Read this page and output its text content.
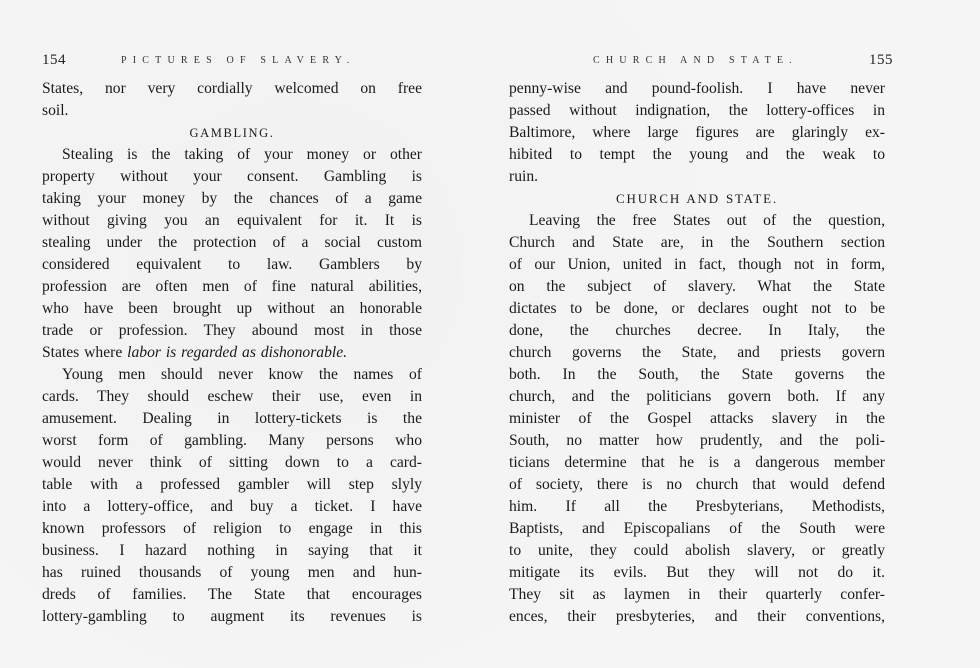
154	PICTURES OF SLAVERY.
States, nor very cordially welcomed on free
soil.
GAMBLING.
Stealing is the taking of your money or other
property without your consent. Gambling is
taking your money by the chances of a game
without giving you an equivalent for it. It is
stealing under the protection of a social custom
considered equivalent to law. Gamblers by
profession are often men of fine natural abilities,
who have been brought up without an honorable
trade or profession. They abound most in those
States where labor is regarded as dishonorable.
Young men should never know the names of
cards. They should eschew their use, even in
amusement. Dealing in lottery-tickets is the
worst form of gambling. Many persons who
would never think of sitting down to a card-
table with a professed gambler will step slyly
into a lottery-office, and buy a ticket. I have
known professors of religion to engage in this
business. I hazard nothing in saying that it
has ruined thousands of young men and hun-
dreds of families. The State that encourages
lottery-gambling to augment its revenues is
CHURCH AND STATE.	155
penny-wise and pound-foolish. I have never
passed without indignation, the lottery-offices in
Baltimore, where large figures are glaringly ex-
hibited to tempt the young and the weak to
ruin.
CHURCH AND STATE.
Leaving the free States out of the question,
Church and State are, in the Southern section
of our Union, united in fact, though not in form,
on the subject of slavery. What the State
dictates to be done, or declares ought not to be
done, the churches decree. In Italy, the
church governs the State, and priests govern
both. In the South, the State governs the
church, and the politicians govern both. If any
minister of the Gospel attacks slavery in the
South, no matter how prudently, and the poli-
ticians determine that he is a dangerous member
of society, there is no church that would defend
him. If all the Presbyterians, Methodists,
Baptists, and Episcopalians of the South were
to unite, they could abolish slavery, or greatly
mitigate its evils. But they will not do it.
They sit as laymen in their quarterly confer-
ences, their presbyteries, and their conventions,
